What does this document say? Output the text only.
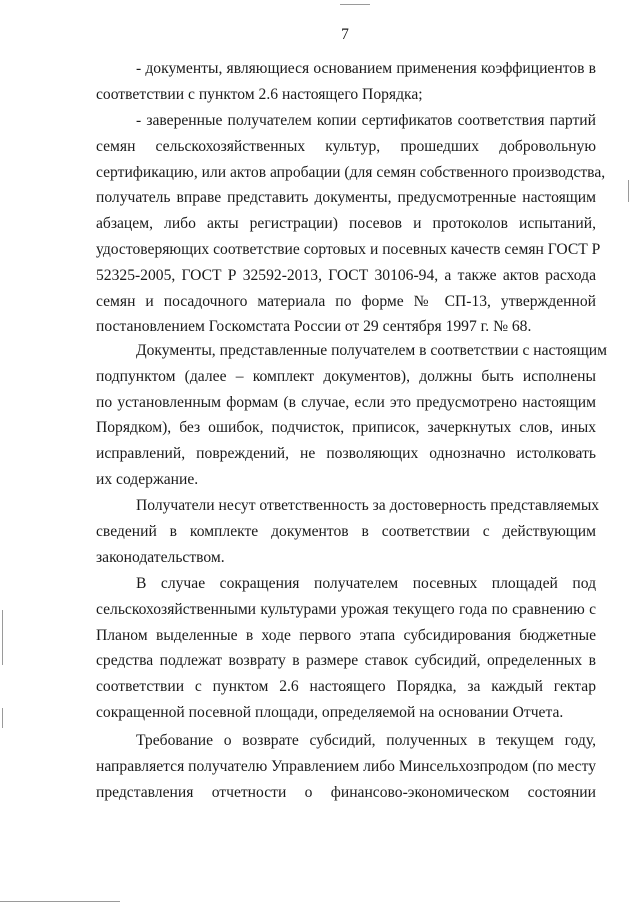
7
- документы, являющиеся основанием применения коэффициентов в
соответствии с пунктом 2.6 настоящего Порядка;
- заверенные получателем копии сертификатов соответствия партий
семян сельскохозяйственных культур, прошедших добровольную
сертификацию, или актов апробации (для семян собственного производства,
получатель вправе представить документы, предусмотренные настоящим
абзацем, либо акты регистрации) посевов и протоколов испытаний,
удостоверяющих соответствие сортовых и посевных качеств семян ГОСТ Р
52325-2005, ГОСТ Р 32592-2013, ГОСТ 30106-94, а также актов расхода
семян и посадочного материала по форме № СП-13, утвержденной
постановлением Госкомстата России от 29 сентября 1997 г. № 68.
Документы, представленные получателем в соответствии с настоящим
подпунктом (далее – комплект документов), должны быть исполнены
по установленным формам (в случае, если это предусмотрено настоящим
Порядком), без ошибок, подчисток, приписок, зачеркнутых слов, иных
исправлений, повреждений, не позволяющих однозначно истолковать
их содержание.
Получатели несут ответственность за достоверность представляемых
сведений в комплекте документов в соответствии с действующим
законодательством.
В случае сокращения получателем посевных площадей под
сельскохозяйственными культурами урожая текущего года по сравнению с
Планом выделенные в ходе первого этапа субсидирования бюджетные
средства подлежат возврату в размере ставок субсидий, определенных в
соответствии с пунктом 2.6 настоящего Порядка, за каждый гектар
сокращенной посевной площади, определяемой на основании Отчета.
Требование о возврате субсидий, полученных в текущем году,
направляется получателю Управлением либо Минсельхозпродом (по месту
представления отчетности о финансово-экономическом состоянии
